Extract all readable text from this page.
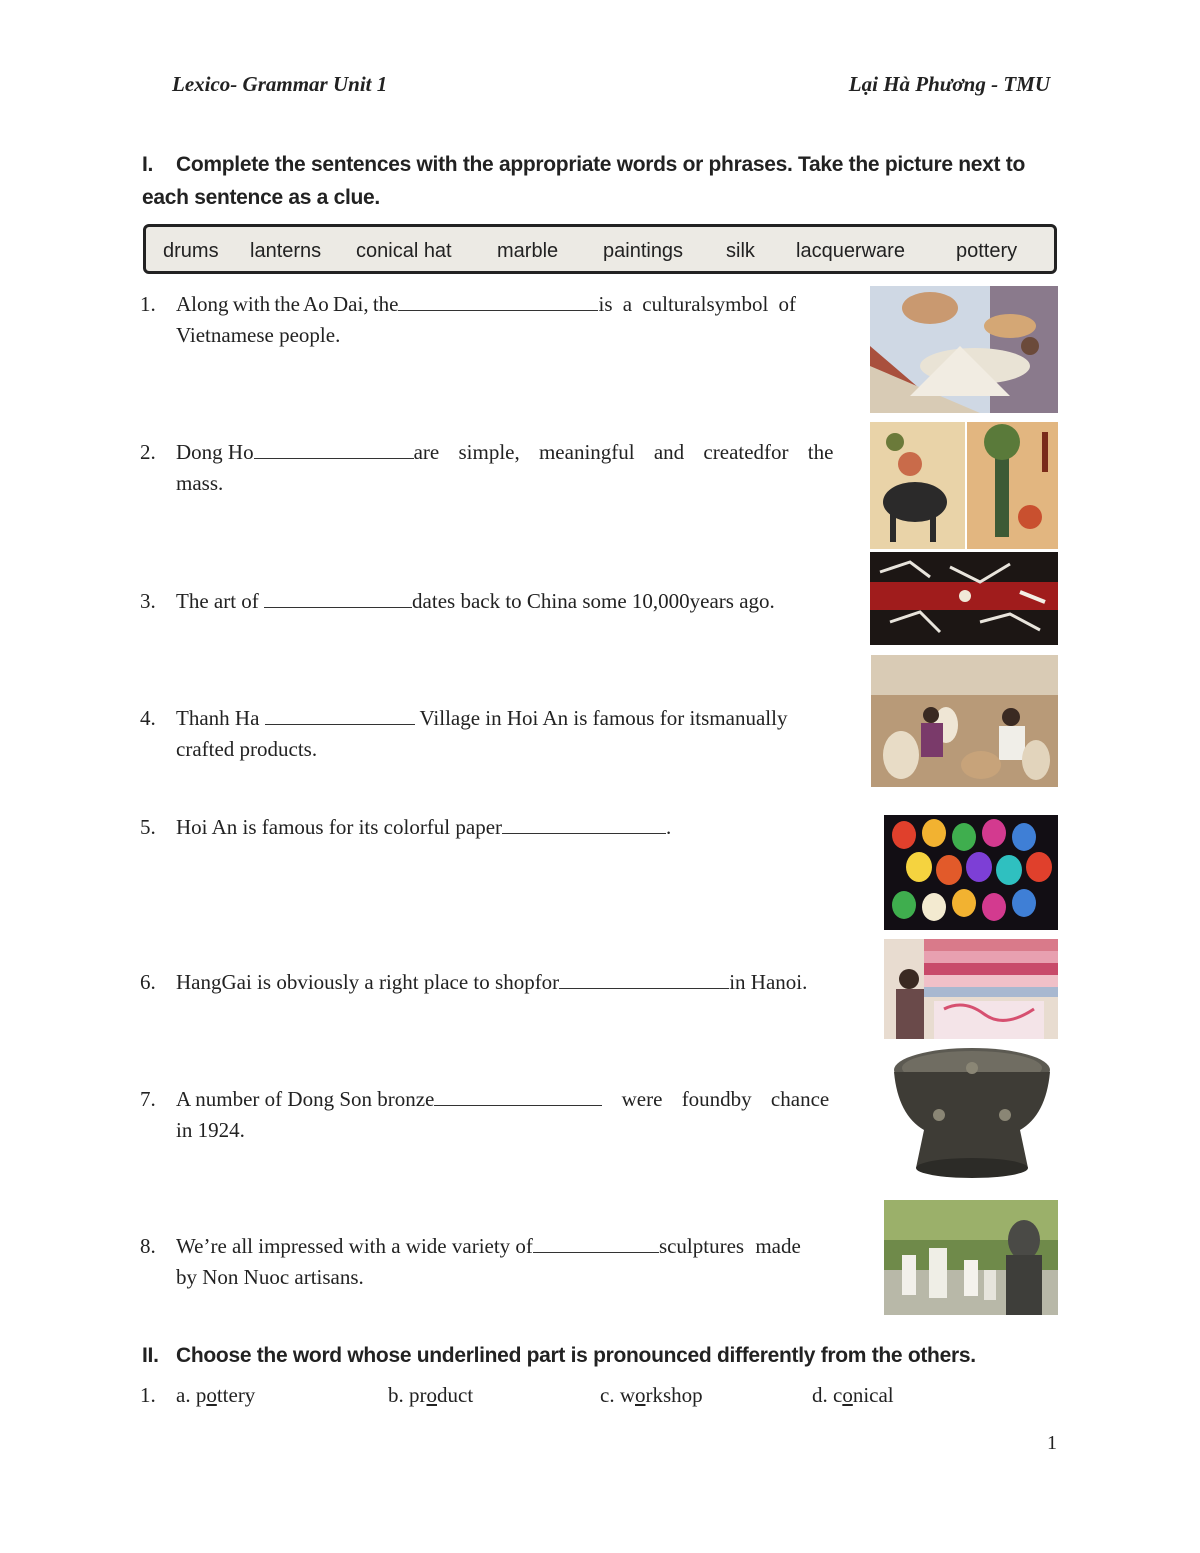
Lexico- Grammar Unit 1	Lại Hà Phương - TMU
I. Complete the sentences with the appropriate words or phrases. Take the picture next to
each sentence as a clue.
drums lanterns conical hat marble paintings silk lacquerware	pottery
1. Along with the Ao Dai, the	is a culturalsymbol of
Vietnamese people.
2. Dong Ho	are simple, meaningful and createdfor the
mass.
3. The art of	dates back to China some 10,000years ago.
4. Thanh Ha	Village in Hoi An is famous for itsmanually
crafted products.
5. Hoi An is famous for its colorful paper	.
6. HangGai is obviously a right place to shopfor	in Hanoi.
7. A number of Dong Son bronze	were foundby chance
in 1924.
8. We’re all impressed with a wide variety of	sculptures made
by Non Nuoc artisans.
II. Choose the word whose underlined part is pronounced differently from the others.
1. a. pottery	b. product	c. workshop	d. conical
1
